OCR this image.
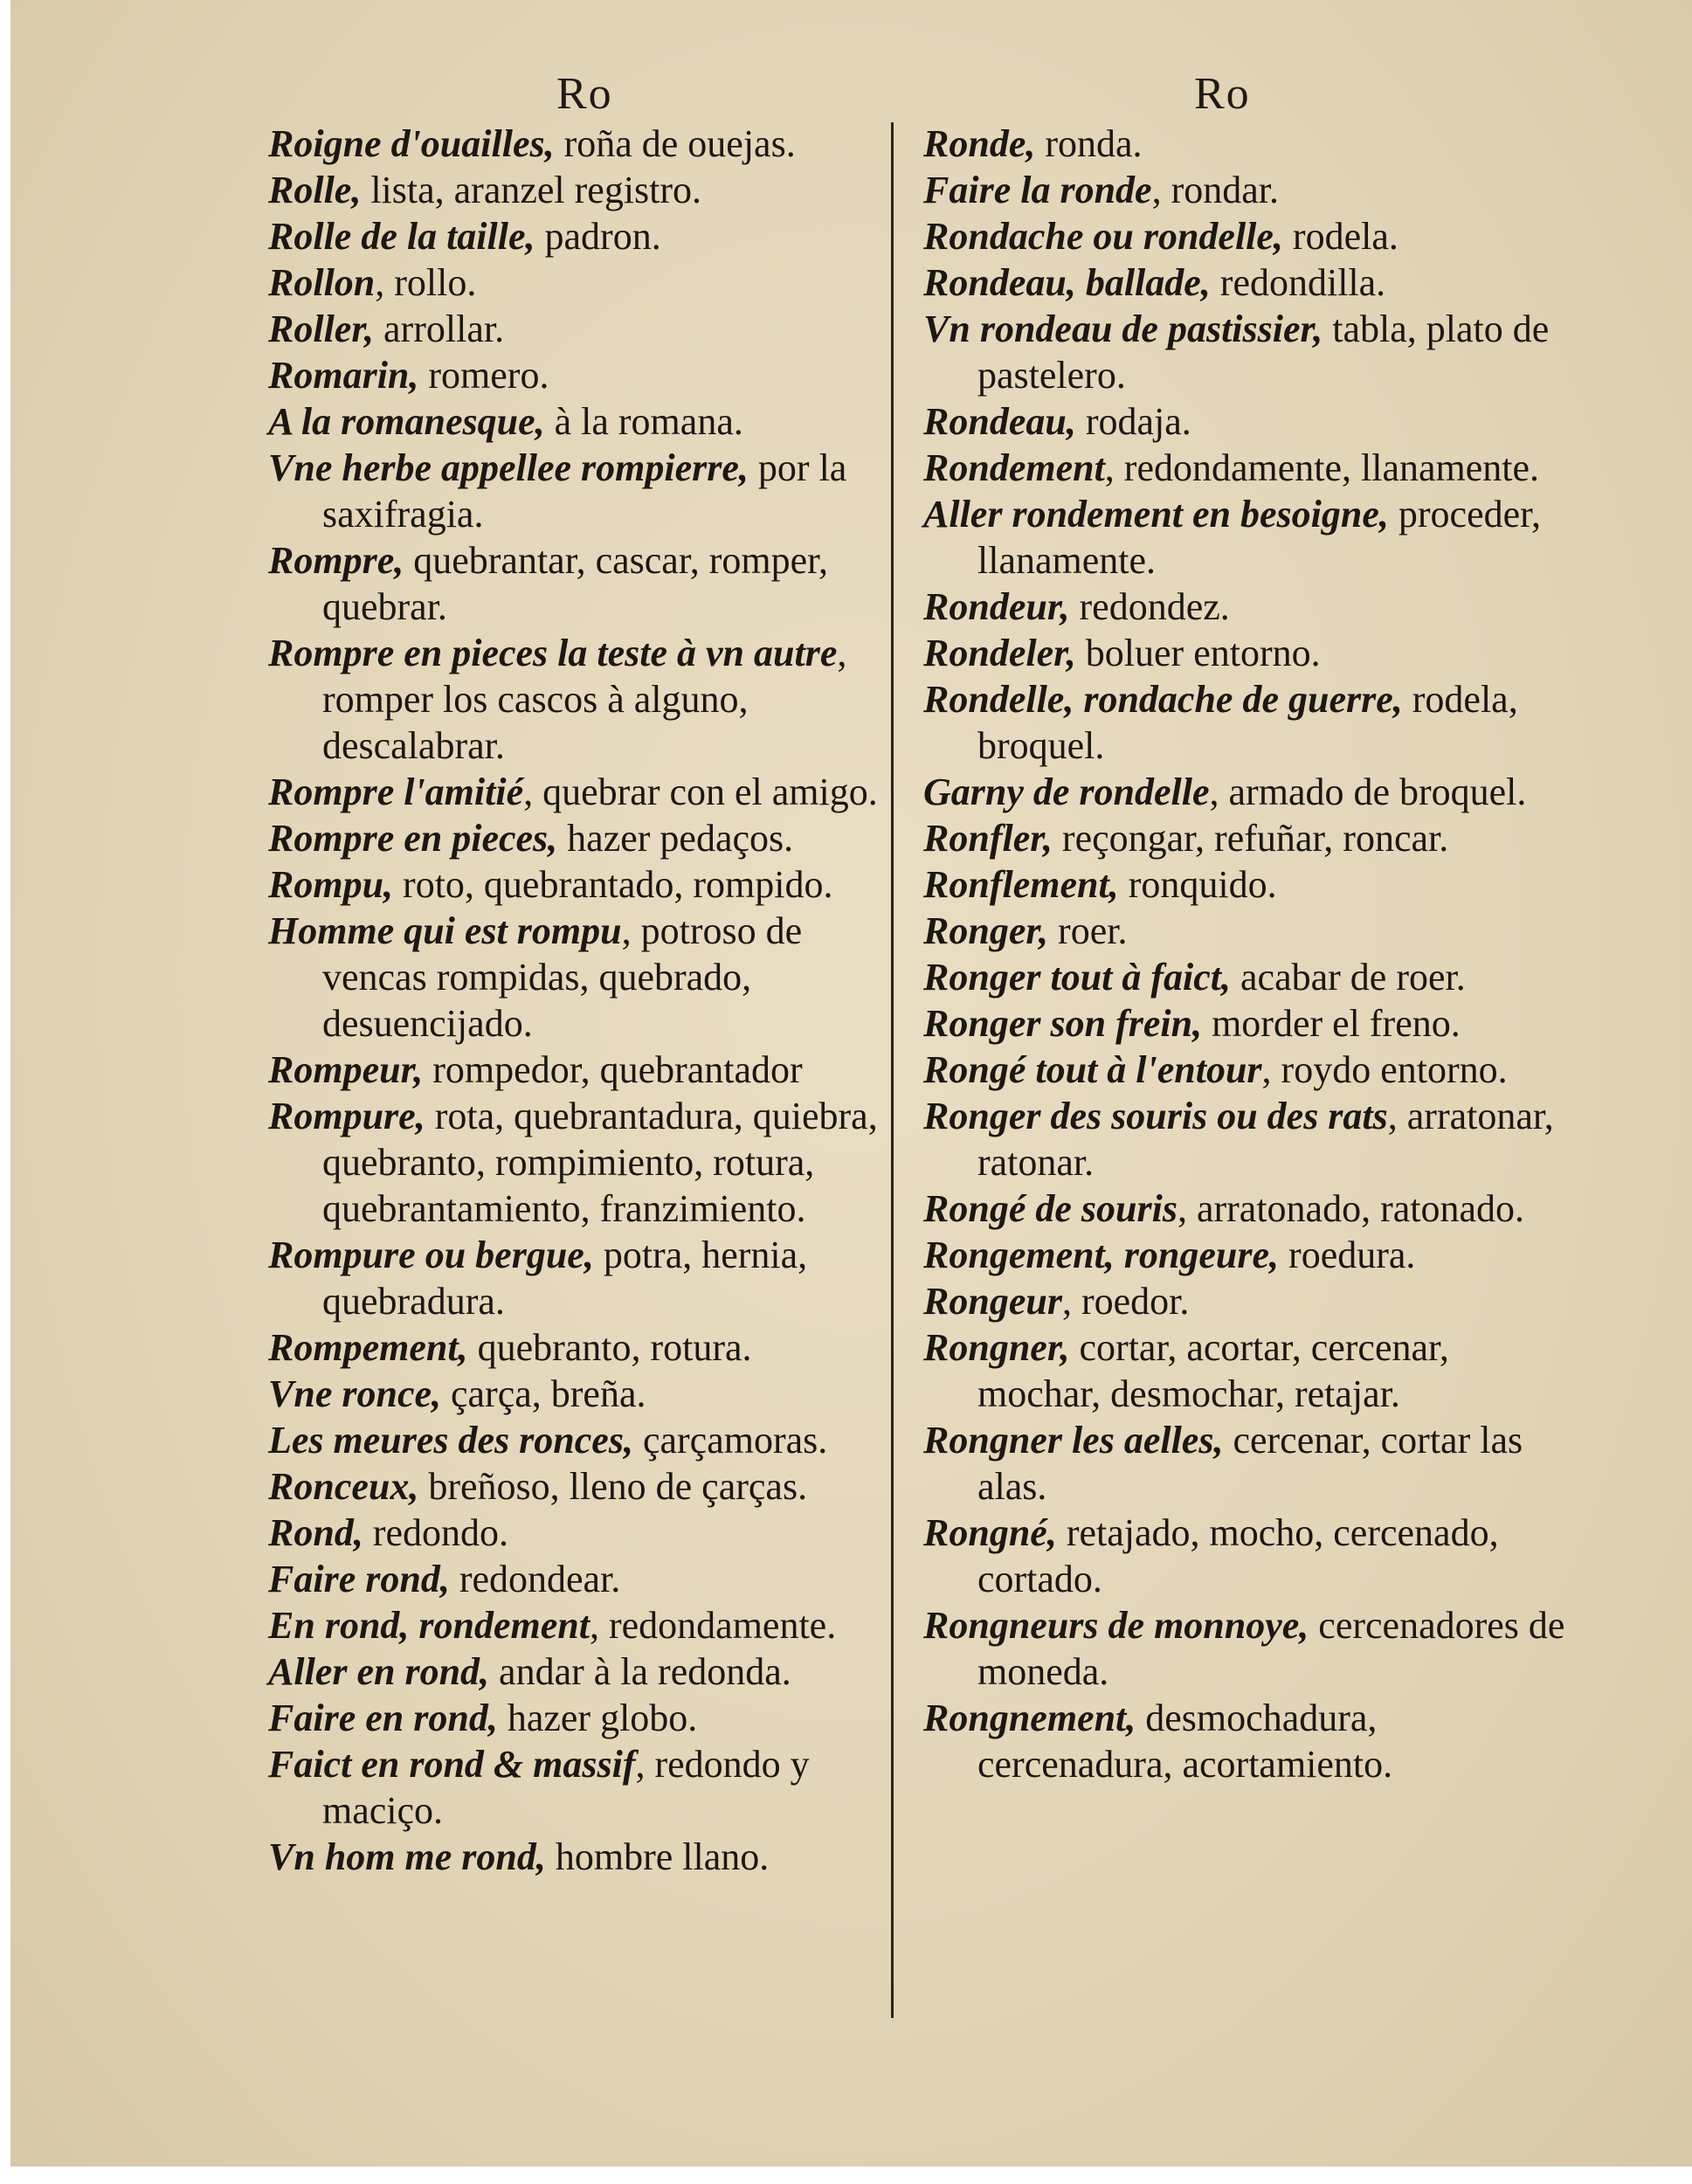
Ro	Ro

Roigne d'ouailles, roña de ouejas.

Rolle, lista, aranzel registro.

Rolle de la taille, padron.

Rollon, rollo.

Roller, arrollar.

Romarin, romero.

A la romanesque, à la romana.

Vne herbe appellee rompierre, por la saxifragia.

Rompre, quebrantar, cascar, romper, quebrar.

Rompre en pieces la teste à vn autre, romper los cascos à alguno, descalabrar.

Rompre l'amitié, quebrar con el amigo.

Rompre en pieces, hazer pedaços.

Rompu, roto, quebrantado, rompido.

Homme qui est rompu, potroso de vencas rompidas, quebrado, desuencijado.

Rompeur, rompedor, quebrantador

Rompure, rota, quebrantadura, quiebra, quebranto, rompimiento, rotura, quebrantamiento, franzimiento.

Rompure ou bergue, potra, hernia, quebradura.

Rompement, quebranto, rotura.

Vne ronce, çarça, breña.

Les meures des ronces, çarçamoras.

Ronceux, breñoso, lleno de çarças.

Rond, redondo.

Faire rond, redondear.

En rond, rondement, redondamente.

Aller en rond, andar à la redonda.

Faire en rond, hazer globo.

Faict en rond & massif, redondo y maciço.

Vn hom me rond, hombre llano.

Ronde, ronda.

Faire la ronde, rondar.

Rondache ou rondelle, rodela.

Rondeau, ballade, redondilla.

Vn rondeau de pastissier, tabla, plato de pastelero.

Rondeau, rodaja.

Rondement, redondamente, llanamente.

Aller rondement en besoigne, proceder, llanamente.

Rondeur, redondez.

Rondeler, boluer entorno.

Rondelle, rondache de guerre, rodela, broquel.

Garny de rondelle, armado de broquel.

Ronfler, reçongar, refuñar, roncar.

Ronflement, ronquido.

Ronger, roer.

Ronger tout à faict, acabar de roer.

Ronger son frein, morder el freno.

Rongé tout à l'entour, roydo entorno.

Ronger des souris ou des rats, arratonar, ratonar.

Rongé de souris, arratonado, ratonado.

Rongement, rongeure, roedura.

Rongeur, roedor.

Rongner, cortar, acortar, cercenar, mochar, desmochar, retajar.

Rongner les aelles, cercenar, cortar las alas.

Rongné, retajado, mocho, cercenado, cortado.

Rongneurs de monnoye, cercenadores de moneda.

Rongnement, desmochadura, cercenadura, acortamiento.
